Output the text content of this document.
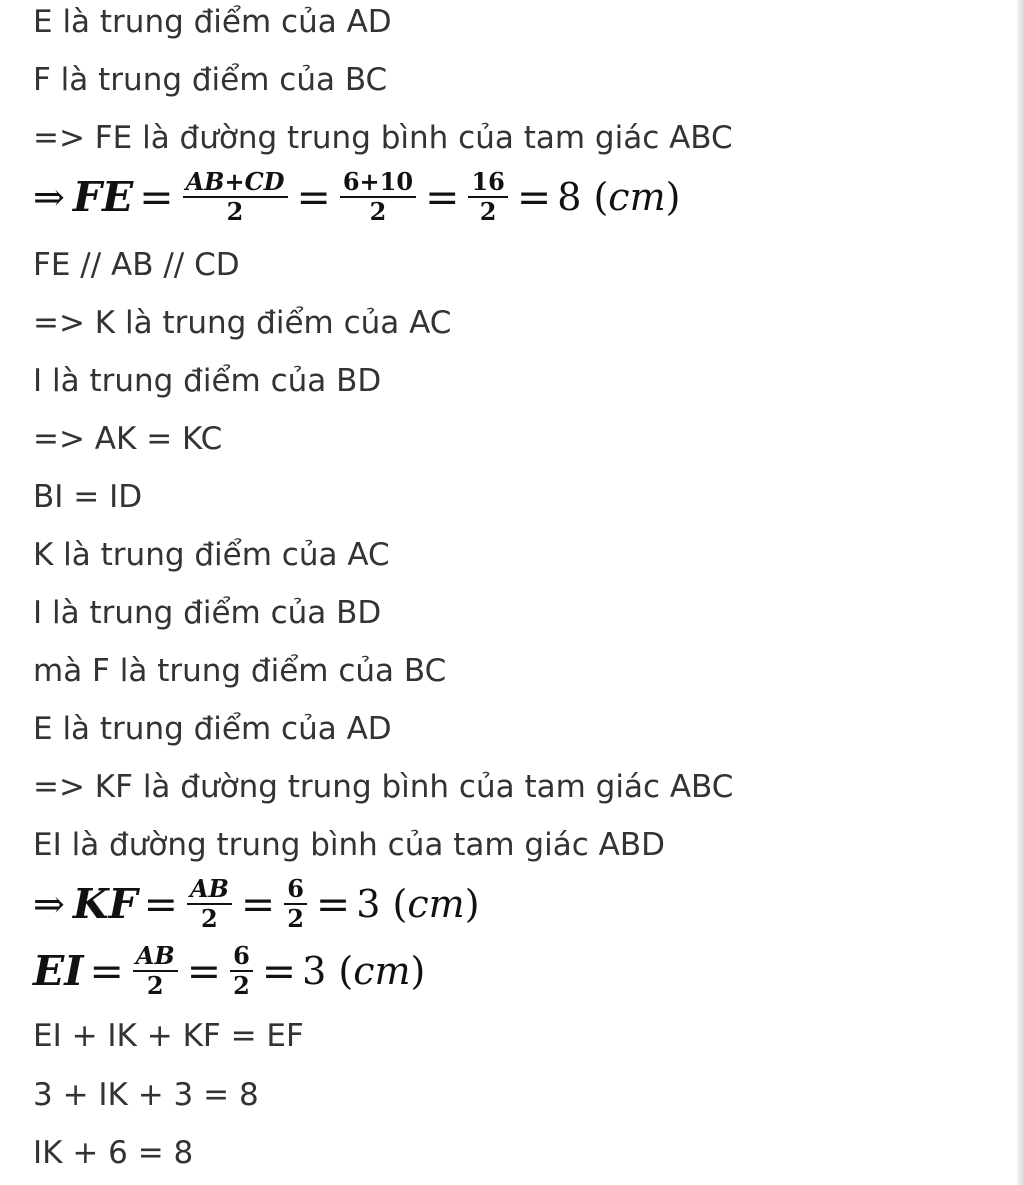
E là trung điểm của AD
F là trung điểm của BC
=> FE là đường trung bình của tam giác ABC
⇒ FE = $\frac{AB+CD}{2} = \frac{6+10}{2} = \frac{16}{2} = 8$ (cm)
FE // AB // CD
=> K là trung điểm của AC
I là trung điểm của BD
=> AK = KC
BI = ID
K là trung điểm của AC
I là trung điểm của BD
mà F là trung điểm của BC
E là trung điểm của AD
=> KF là đường trung bình của tam giác ABC
EI là đường trung bình của tam giác ABD
⇒ KF = $\frac{AB}{2} = \frac{6}{2} = 3$ (cm)
EI = $\frac{AB}{2} = \frac{6}{2} = 3$ (cm)
EI + IK + KF = EF
3 + IK + 3 = 8
IK + 6 = 8
